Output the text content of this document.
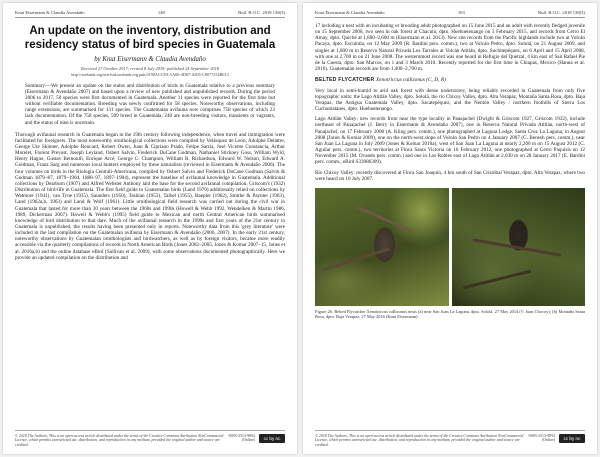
Knut Eisermann & Claudia Avendaño	148	Bull. B.O.C. 2018 138(3)
An update on the inventory, distribution and residency status of bird species in Guatemala
by Knut Eisermann & Claudia Avendaño
Received 27 October 2017; revised 8 July 2018; published 24 September 2018
http://zoobank.org/urn:lsid:zoobank.org:pub:9198ACC8A-5A66-4D87-A605-C8077254B613
Summary.—We present an update on the status and distribution of birds in Guatemala relative to a previous summary (Eisermann & Avendaño 2007) and based upon a review of new published and unpublished records. During the period 2006 to 2017, 50 species were first documented in Guatemala. Another 11 species were reported for the first time but without verifiable documentation. Breeding was newly confirmed for 58 species. Noteworthy observations, including range extensions, are summarised for 131 species. The Guatemalan avifauna now comprises 758 species of which 23 lack documentation. Of the 758 species, 509 breed in Guatemala, 240 are non-breeding visitors, transients or vagrants, and the status of nine is uncertain.
Thorough avifaunal research in Guatemala began in the 19th century following independence, when travel and immigration were facilitated for foreigners. The most noteworthy ornithological collections were compiled by Velásquez de León, Adolphe Delattre, George Ure Skinner, Adolphe Boucard, Robert Owen, Juan & Cipriano Prado, Felipe Sarria, José Vicente Constancia, Arthur Morelet, Florent Prevost, Joseph Leyland, Osbert Salvin, Frederick DuCane Godman, Nathaniel Stickney Goss, William Wyld, Henry Hague, Gustav Bernoulli, Enrique Arcé, George C. Champion, William B. Richardson, Edward W. Nelson, Edward A. Goldman, Franz Sarg and numerous local hunters employed by these naturalists (reviewed in Eisermann & Avendaño 2006). The four volumes on birds in the Biologia Centrali-Americana, compiled by Osbert Salvin and Frederick DuCane Godman (Salvin & Godman 1879–87, 1879–1904, 1888–97, 1897–1904), represent the baseline of avifaunal knowledge in Guatemala. Additional collections by Dearborn (1907) and Alfred Webster Anthony laid the base for the second avifaunal compilation, Griscom's (1932) Distribution of bird-life in Guatemala. The first field guide to Guatemalan birds (Land 1970) additionally relied on collections by Wetmore (1941), van Tyne (1935), Saunders (1950), Tashian (1953), Taibel (1955), Baepler (1962), Smithe & Paynter (1963), Land (1962a,b, 1963) and Land & Wolf (1961). Little ornithological field research was carried out during the civil war in Guatemala that lasted for more than 30 years between the 1960s and 1990s (Howell & Webb 1992, Wendelken & Martin 1986, 1989, Dickerman 2007). Howell & Webb's (1995) field guide to Mexican and north Central American birds summarised knowledge of bird distribution to that date. Much of the avifaunal research in the 1990s and first years of the 21st century in Guatemala is unpublished, the results having been presented only in reports. Noteworthy data from this 'grey literature' were included in the last compilation on the Guatemalan avifauna by Eisermann & Avendaño (2006, 2007). In the early 21st century, noteworthy observations by Guatemalan ornithologists and birdwatchers, as well as by foreign visitors, became more readily accessible via the quarterly compilations of records in North American Birds (Jones 2002–2005, Jones & Komar 2007–15, Jones et al. 2016a,b) and the online database eBird (Sullivan et al. 2009), with some observations documented photographically. Here we provide an updated compilation on the distribution and
© 2018 The Authors; This is an open-access article distributed under the terms of the Creative Commons Attribution NonCommercial Licence, which permits unrestricted use, distribution, and reproduction in any medium, provided the original author and source are credited.
ISSN-2513-9894
(Online)	cc by nc
Knut Eisermann & Claudia Avendaño	163	Bull. B.O.C. 2018 138(3)
17 including a nest with an incubating or brooding adult photographed on 15 June 2015 and an adult with recently fledged juvenile on 15 September 2008, two seen in oak forest at Chacuiú, dpto. Huehuetenango on 3 February 2015, and records from Cerro El Amay, dpto. Quiché at 1,800–2,600 m (Eisermann et al. 2013). New site records from the Pacific highlands include two at Volcán Pacaya, dpto. Escuintla, on 12 May 2009 (R. Bardini pers. comm.), two at Volcán Pedro, dpto. Sololá, on 21 August 2009, and singles at 1,800 m in Reserva Natural Privada Los Tarrales at Volcán Atitlán, dpto. Suchitepéquez, on 6 April and 15 April 2008, with one at 2,700 m on 21 June 2008. The westernmost record was one heard in Refugio del Quetzal, 4 km east of San Rafael Pie de la Cuesta, dpto. San Marcos, on 1 and 3 March 2010. Recently reported for the first time in Chiapas, Mexico (Hanna et al. 2016). Guatemalan records are from 1,400–2,700 m.
BELTED FLYCATCHER Xenotriccus callizonus (C, D, R)
Very local in semi-humid to arid oak forest with dense understorey, being reliably recorded in Guatemala from only five topographic units: the Lago Atitlán Valley, dpto. Sololá, the río Chixoy Valley, dpto. Alta Verapaz, Montaña Santa Rosa, dpto. Baja Verapaz, the Antigua Guatemala Valley, dpto. Sacatepéquez, and the Nentón Valley / northern foothills of Sierra Los Cuchumatanes, dpto. Huehuetenango.
Lago Atitlán Valley: new records from near the type locality in Panajachel (Dwight & Griscom 1927, Griscom 1932), include northeast of Panajachel (J. Berry in Eisermann & Avendaño 2007), one in Reserva Natural Privada Atitlán, north-west of Panajachel, on 17 February 2008 (A. Kling pers. comm.), one photographed at Laguna Lodge, Santa Cruz La Laguna, in August 2008 (Jones & Komar 2009), one on the north-west slope of Volcán San Pedro on 4 January 2007 (C. Benesh pers. comm.), near San Juan La Laguna in July 2009 (Jones & Komar 2010a), west of San Juan La Laguna at nearly 2,200 m on 15 August 2012 (C. Aguilar pers. comm.), two territories at Finca Santa Victoria on 16 February 2012, one photographed at Cerro Paquisís on 12 November 2015 (M. Ovando pers. comm.) and one in Los Robles east of Lago Atitlán at 2,030 m on 28 January 2017 (E. Bardini pers. comm., eBird S33986309).
Río Chixoy Valley: recently discovered at Finca San Joaquín, 4 km south of San Cristóbal Verapaz, dpto. Alta Verapaz, where two were heard on 10 July 2007.
Figure 26. Belted Flycatcher Xenotriccus callizonus nests (a) near San Juan La Laguna, dpto. Sololá, 27 May 2014 (© Juan Chocoy); (b) Montaña Santa Rosa, dpto. Baja Verapaz, 27 May 2016 (Knut Eisermann).
© 2018 The Authors; This is an open-access article distributed under the terms of the Creative Commons Attribution NonCommercial Licence, which permits unrestricted use, distribution, and reproduction in any medium, provided the original author and source are credited.
ISSN-2513-9894
(Online)	cc by nc
